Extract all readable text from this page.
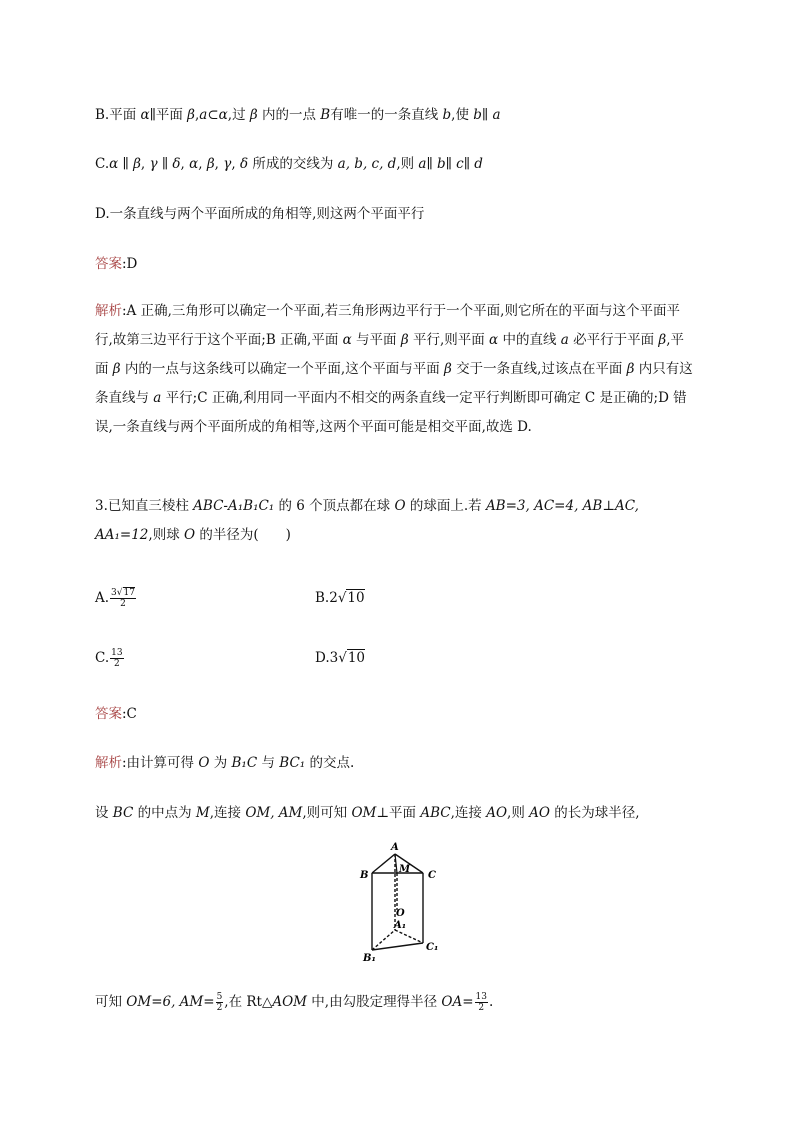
B.平面 α∥平面 β,a⊂α,过 β 内的一点 B有唯一的一条直线 b,使 b∥ a
C.α ∥ β, γ ∥ δ, α, β, γ, δ 所成的交线为 a, b, c, d,则 a∥ b∥ c∥ d
D.一条直线与两个平面所成的角相等,则这两个平面平行
答案:D
解析:A 正确,三角形可以确定一个平面,若三角形两边平行于一个平面,则它所在的平面与这个平面平行,故第三边平行于这个平面;B 正确,平面 α 与平面 β 平行,则平面 α 中的直线 a 必平行于平面 β,平面 β 内的一点与这条线可以确定一个平面,这个平面与平面 β 交于一条直线,过该点在平面 β 内只有这条直线与 a 平行;C 正确,利用同一平面内不相交的两条直线一定平行判断即可确定 C 是正确的;D 错误,一条直线与两个平面所成的角相等,这两个平面可能是相交平面,故选 D.
3.已知直三棱柱 ABC-A₁B₁C₁ 的 6 个顶点都在球 O 的球面上.若 AB=3, AC=4, AB⊥AC, AA₁=12,则球 O 的半径为(　　)
A. $\frac{3√17}{2}$	B.2√10
C. $\frac{13}{2}$	D.3√10
答案:C
解析:由计算可得 O 为 B₁C 与 BC₁ 的交点.
设 BC 的中点为 M,连接 OM, AM,则可知 OM⊥平面 ABC,连接 AO,则 AO 的长为球半径,
A
B	C
M
O
A₁
B₁
C₁
可知 OM=6, $AM= \frac{5}{2}$ ,在 Rt△AOM 中,由勾股定理得半径 $OA= \frac{13}{2}$ .
